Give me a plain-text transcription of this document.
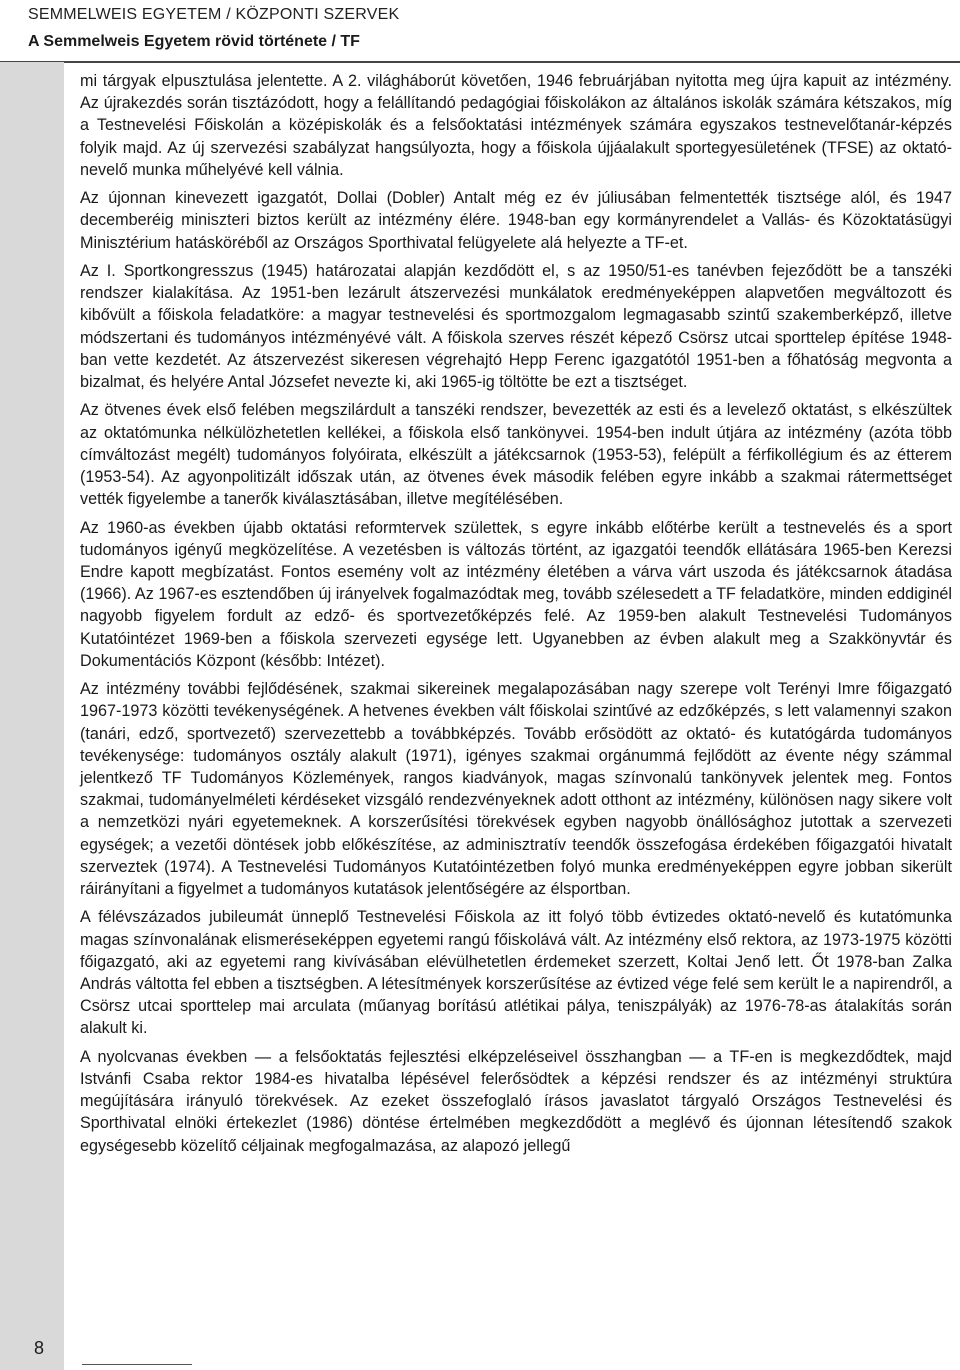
SEMMELWEIS EGYETEM / KÖZPONTI SZERVEK
A Semmelweis Egyetem rövid története / TF

mi tárgyak elpusztulása jelentette. A 2. világháborút követően, 1946 februárjában nyitotta meg újra kapuit az intézmény. Az újrakezdés során tisztázódott, hogy a felállítandó pedagógiai főiskolákon az általános iskolák számára kétszakos, míg a Testnevelési Főiskolán a középiskolák és a felsőoktatási intézmények számára egyszakos testnevelőtanár-képzés folyik majd. Az új szervezési szabályzat hangsúlyozta, hogy a főiskola újjáalakult sportegyesületének (TFSE) az oktató-nevelő munka műhelyévé kell válnia.

Az újonnan kinevezett igazgatót, Dollai (Dobler) Antalt még ez év júliusában felmentették tisztsége alól, és 1947 decemberéig miniszteri biztos került az intézmény élére. 1948-ban egy kormányrendelet a Vallás- és Közoktatásügyi Minisztérium hatásköréből az Országos Sporthivatal felügyelete alá helyezte a TF-et.

Az I. Sportkongresszus (1945) határozatai alapján kezdődött el, s az 1950/51-es tanévben fejeződött be a tanszéki rendszer kialakítása. Az 1951-ben lezárult átszervezési munkálatok eredményeképpen alapvetően megváltozott és kibővült a főiskola feladatköre: a magyar testnevelési és sportmozgalom legmagasabb szintű szakemberképző, illetve módszertani és tudományos intézményévé vált. A főiskola szerves részét képező Csörsz utcai sporttelep építése 1948-ban vette kezdetét. Az átszervezést sikeresen végrehajtó Hepp Ferenc igazgatótól 1951-ben a főhatóság megvonta a bizalmat, és helyére Antal Józsefet nevezte ki, aki 1965-ig töltötte be ezt a tisztséget.

Az ötvenes évek első felében megszilárdult a tanszéki rendszer, bevezették az esti és a levelező oktatást, s elkészültek az oktatómunka nélkülözhetetlen kellékei, a főiskola első tankönyvei. 1954-ben indult útjára az intézmény (azóta több címváltozást megélt) tudományos folyóirata, elkészült a játékcsarnok (1953-53), felépült a férfikollégium és az étterem (1953-54). Az agyonpolitizált időszak után, az ötvenes évek második felében egyre inkább a szakmai rátermettséget vették figyelembe a tanerők kiválasztásában, illetve megítélésében.

Az 1960-as években újabb oktatási reformtervek születtek, s egyre inkább előtérbe került a testnevelés és a sport tudományos igényű megközelítése. A vezetésben is változás történt, az igazgatói teendők ellátására 1965-ben Kerezsi Endre kapott megbízatást. Fontos esemény volt az intézmény életében a várva várt uszoda és játékcsarnok átadása (1966). Az 1967-es esztendőben új irányelvek fogalmazódtak meg, tovább szélesedett a TF feladatköre, minden eddiginél nagyobb figyelem fordult az edző- és sportvezetőképzés felé. Az 1959-ben alakult Testnevelési Tudományos Kutatóintézet 1969-ben a főiskola szervezeti egysége lett. Ugyanebben az évben alakult meg a Szakkönyvtár és Dokumentációs Központ (később: Intézet).

Az intézmény további fejlődésének, szakmai sikereinek megalapozásában nagy szerepe volt Terényi Imre főigazgató 1967-1973 közötti tevékenységének. A hetvenes években vált főiskolai szintűvé az edzőképzés, s lett valamennyi szakon (tanári, edző, sportvezető) szervezettebb a továbbképzés. Tovább erősödött az oktató- és kutatógárda tudományos tevékenysége: tudományos osztály alakult (1971), igényes szakmai orgánummá fejlődött az évente négy számmal jelentkező TF Tudományos Közlemények, rangos kiadványok, magas színvonalú tankönyvek jelentek meg. Fontos szakmai, tudományelméleti kérdéseket vizsgáló rendezvényeknek adott otthont az intézmény, különösen nagy sikere volt a nemzetközi nyári egyetemeknek. A korszerűsítési törekvések egyben nagyobb önállósághoz jutottak a szervezeti egységek; a vezetői döntések jobb előkészítése, az adminisztratív teendők összefogása érdekében főigazgatói hivatalt szerveztek (1974). A Testnevelési Tudományos Kutatóintézetben folyó munka eredményeképpen egyre jobban sikerült ráirányítani a figyelmet a tudományos kutatások jelentőségére az élsportban.

A félévszázados jubileumát ünneplő Testnevelési Főiskola az itt folyó több évtizedes oktató-nevelő és kutatómunka magas színvonalának elismeréseképpen egyetemi rangú főiskolává vált. Az intézmény első rektora, az 1973-1975 közötti főigazgató, aki az egyetemi rang kivívásában elévülhetetlen érdemeket szerzett, Koltai Jenő lett. Őt 1978-ban Zalka András váltotta fel ebben a tisztségben. A létesítmények korszerűsítése az évtized vége felé sem került le a napirendről, a Csörsz utcai sporttelep mai arculata (műanyag borítású atlétikai pálya, teniszpályák) az 1976-78-as átalakítás során alakult ki.

A nyolcvanas években — a felsőoktatás fejlesztési elképzeléseivel összhangban — a TF-en is megkezdődtek, majd Istvánfi Csaba rektor 1984-es hivatalba lépésével felerősödtek a képzési rendszer és az intézményi struktúra megújítására irányuló törekvések. Az ezeket összefoglaló írásos javaslatot tárgyaló Országos Testnevelési és Sporthivatal elnöki értekezlet (1986) döntése értelmében megkezdődött a meglévő és újonnan létesítendő szakok egységesebb közelítő céljainak megfogalmazása, az alapozó jellegű

8
